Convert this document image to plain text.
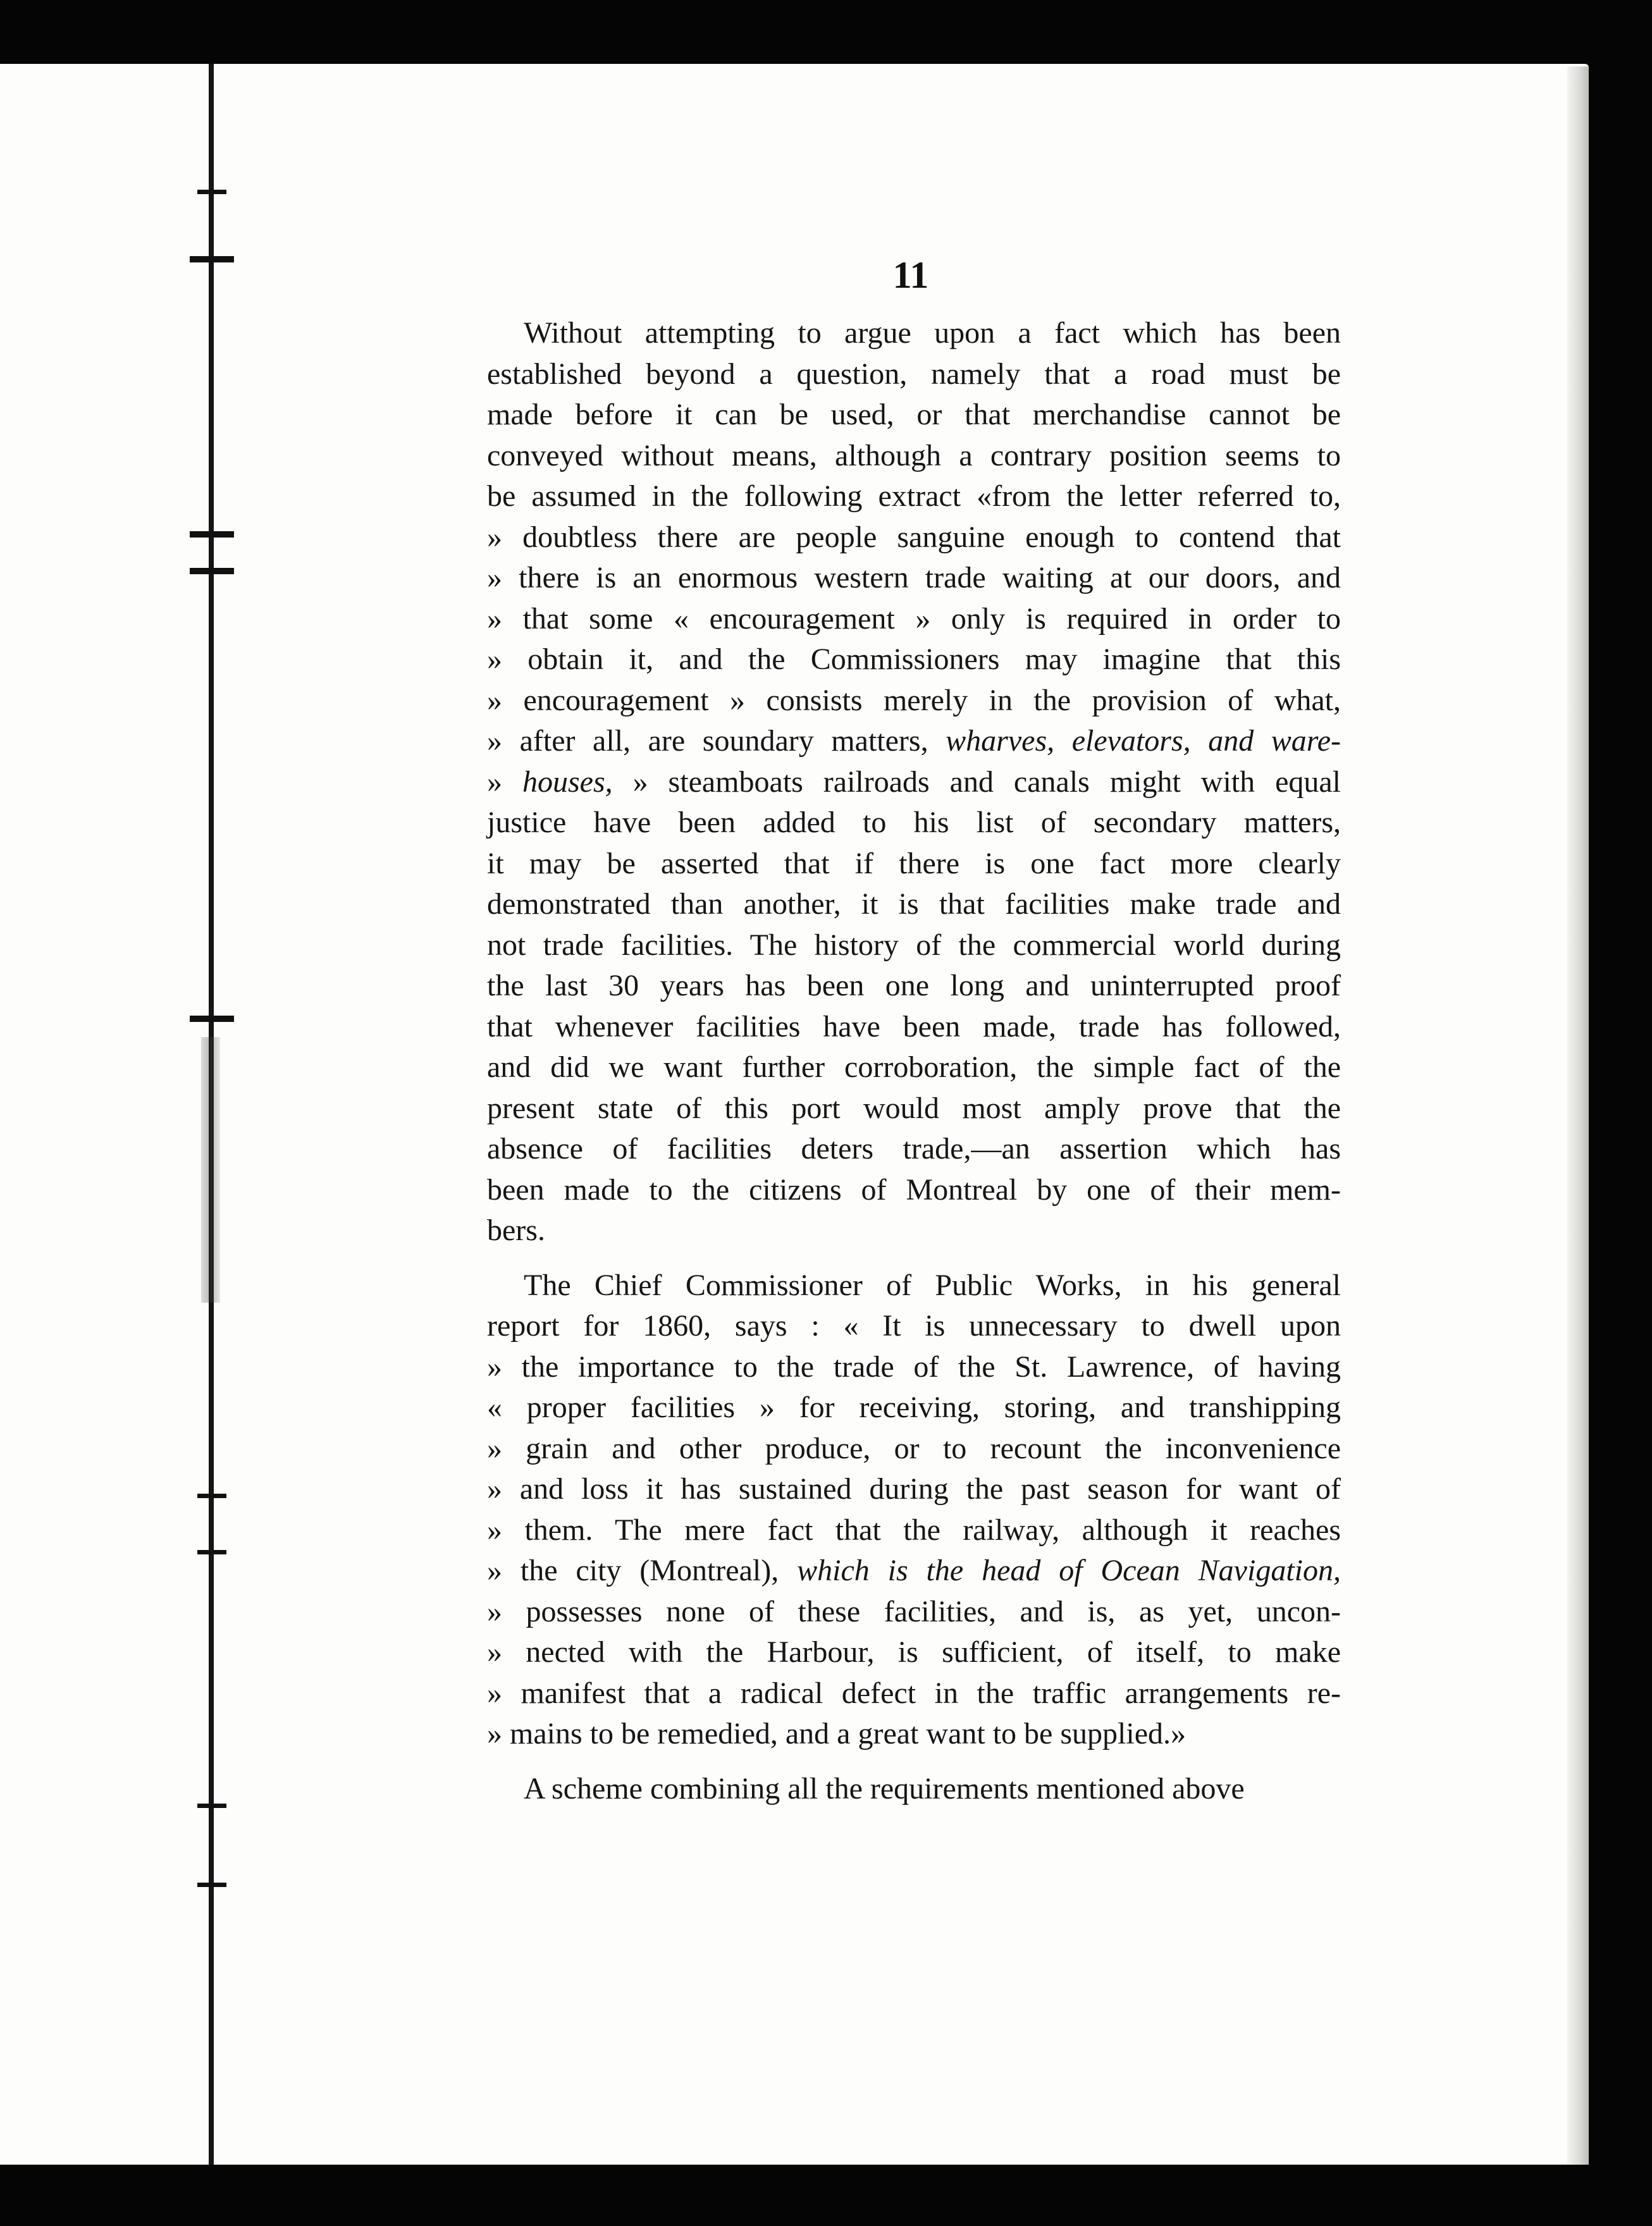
11
Without attempting to argue upon a fact which has been
established beyond a question, namely that a road must be
made before it can be used, or that merchandise cannot be
conveyed without means, although a contrary position seems to
be assumed in the following extract «from the letter referred to,
» doubtless there are people sanguine enough to contend that
» there is an enormous western trade waiting at our doors, and
» that some « encouragement » only is required in order to
» obtain it, and the Commissioners may imagine that this
» encouragement » consists merely in the provision of what,
» after all, are soundary matters, wharves, elevators, and ware-
» houses, » steamboats railroads and canals might with equal
justice have been added to his list of secondary matters,
it may be asserted that if there is one fact more clearly
demonstrated than another, it is that facilities make trade and
not trade facilities. The history of the commercial world during
the last 30 years has been one long and uninterrupted proof
that whenever facilities have been made, trade has followed,
and did we want further corroboration, the simple fact of the
present state of this port would most amply prove that the
absence of facilities deters trade,—an assertion which has
been made to the citizens of Montreal by one of their mem-
bers.
The Chief Commissioner of Public Works, in his general
report for 1860, says : « It is unnecessary to dwell upon
» the importance to the trade of the St. Lawrence, of having
« proper facilities » for receiving, storing, and transhipping
» grain and other produce, or to recount the inconvenience
» and loss it has sustained during the past season for want of
» them. The mere fact that the railway, although it reaches
» the city (Montreal), which is the head of Ocean Navigation,
» possesses none of these facilities, and is, as yet, uncon-
» nected with the Harbour, is sufficient, of itself, to make
» manifest that a radical defect in the traffic arrangements re-
» mains to be remedied, and a great want to be supplied.»
A scheme combining all the requirements mentioned above
